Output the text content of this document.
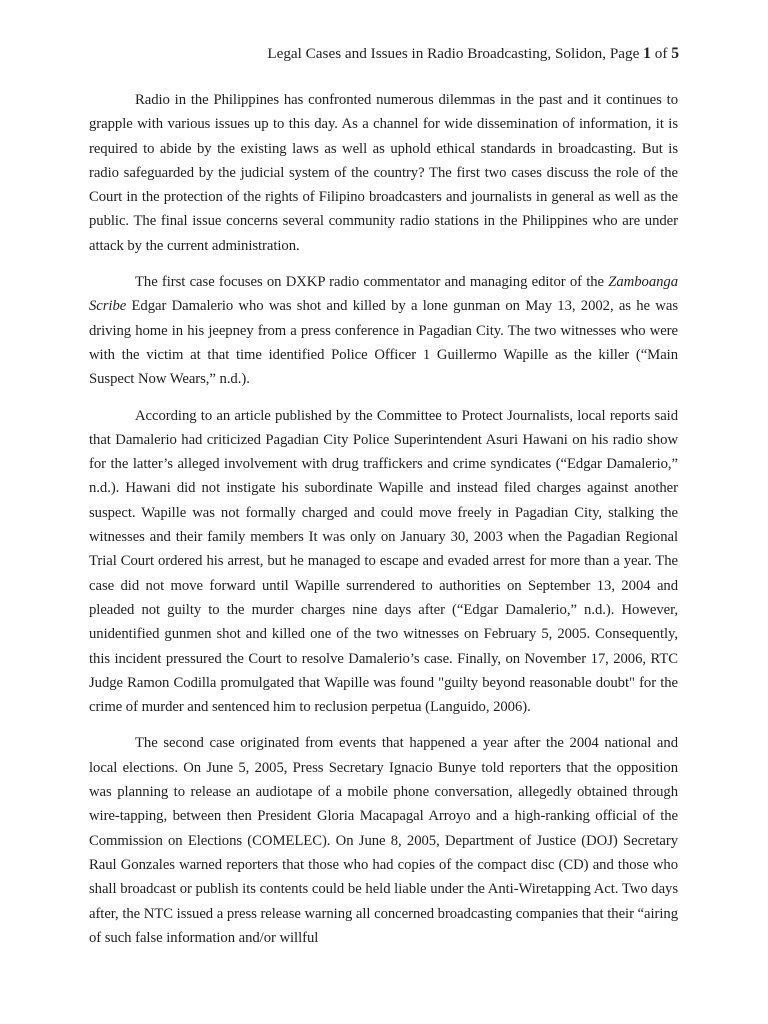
Legal Cases and Issues in Radio Broadcasting, Solidon, Page 1 of 5

Radio in the Philippines has confronted numerous dilemmas in the past and it continues to grapple with various issues up to this day. As a channel for wide dissemination of information, it is required to abide by the existing laws as well as uphold ethical standards in broadcasting. But is radio safeguarded by the judicial system of the country? The first two cases discuss the role of the Court in the protection of the rights of Filipino broadcasters and journalists in general as well as the public. The final issue concerns several community radio stations in the Philippines who are under attack by the current administration.

The first case focuses on DXKP radio commentator and managing editor of the Zamboanga Scribe Edgar Damalerio who was shot and killed by a lone gunman on May 13, 2002, as he was driving home in his jeepney from a press conference in Pagadian City. The two witnesses who were with the victim at that time identified Police Officer 1 Guillermo Wapille as the killer (“Main Suspect Now Wears,” n.d.).

According to an article published by the Committee to Protect Journalists, local reports said that Damalerio had criticized Pagadian City Police Superintendent Asuri Hawani on his radio show for the latter’s alleged involvement with drug traffickers and crime syndicates (“Edgar Damalerio,” n.d.). Hawani did not instigate his subordinate Wapille and instead filed charges against another suspect. Wapille was not formally charged and could move freely in Pagadian City, stalking the witnesses and their family members It was only on January 30, 2003 when the Pagadian Regional Trial Court ordered his arrest, but he managed to escape and evaded arrest for more than a year. The case did not move forward until Wapille surrendered to authorities on September 13, 2004 and pleaded not guilty to the murder charges nine days after (“Edgar Damalerio,” n.d.). However, unidentified gunmen shot and killed one of the two witnesses on February 5, 2005. Consequently, this incident pressured the Court to resolve Damalerio’s case. Finally, on November 17, 2006, RTC Judge Ramon Codilla promulgated that Wapille was found "guilty beyond reasonable doubt" for the crime of murder and sentenced him to reclusion perpetua (Languido, 2006).

The second case originated from events that happened a year after the 2004 national and local elections. On June 5, 2005, Press Secretary Ignacio Bunye told reporters that the opposition was planning to release an audiotape of a mobile phone conversation, allegedly obtained through wire-tapping, between then President Gloria Macapagal Arroyo and a high-ranking official of the Commission on Elections (COMELEC). On June 8, 2005, Department of Justice (DOJ) Secretary Raul Gonzales warned reporters that those who had copies of the compact disc (CD) and those who shall broadcast or publish its contents could be held liable under the Anti-Wiretapping Act. Two days after, the NTC issued a press release warning all concerned broadcasting companies that their “airing of such false information and/or willful
